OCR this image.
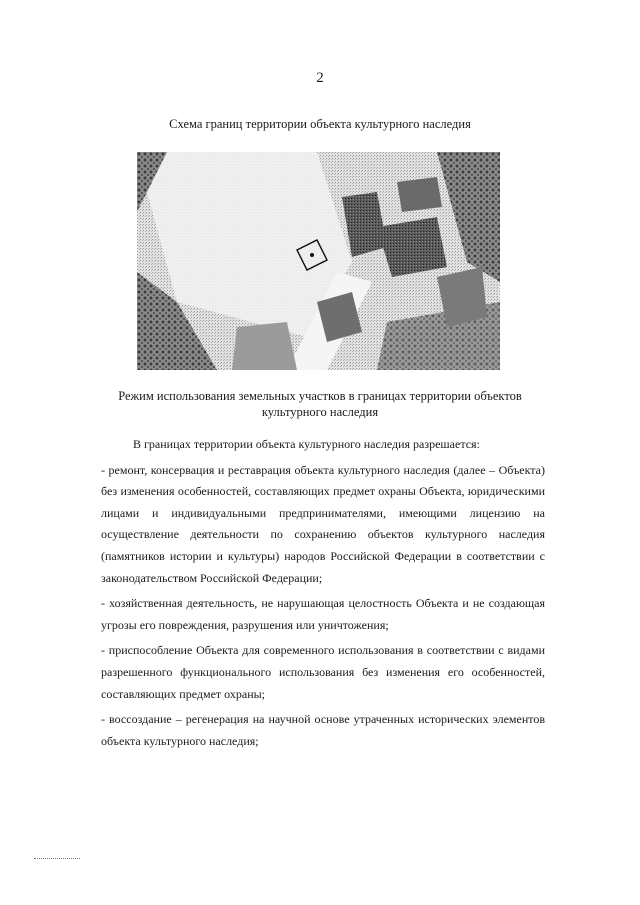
2
Схема границ территории объекта культурного наследия
Режим использования земельных участков в границах территории объектов культурного наследия

В границах территории объекта культурного наследия разрешается:

- ремонт, консервация и реставрация объекта культурного наследия (далее – Объекта) без изменения особенностей, составляющих предмет охраны Объекта, юридическими лицами и индивидуальными предпринимателями, имеющими лицензию на осуществление деятельности по сохранению объектов культурного наследия (памятников истории и культуры) народов Российской Федерации в соответствии с законодательством Российской Федерации;

- хозяйственная деятельность, не нарушающая целостность Объекта и не создающая угрозы его повреждения, разрушения или уничтожения;

- приспособление Объекта для современного использования в соответствии с видами разрешенного функционального использования без изменения его особенностей, составляющих предмет охраны;

- воссоздание – регенерация на научной основе утраченных исторических элементов объекта культурного наследия;
